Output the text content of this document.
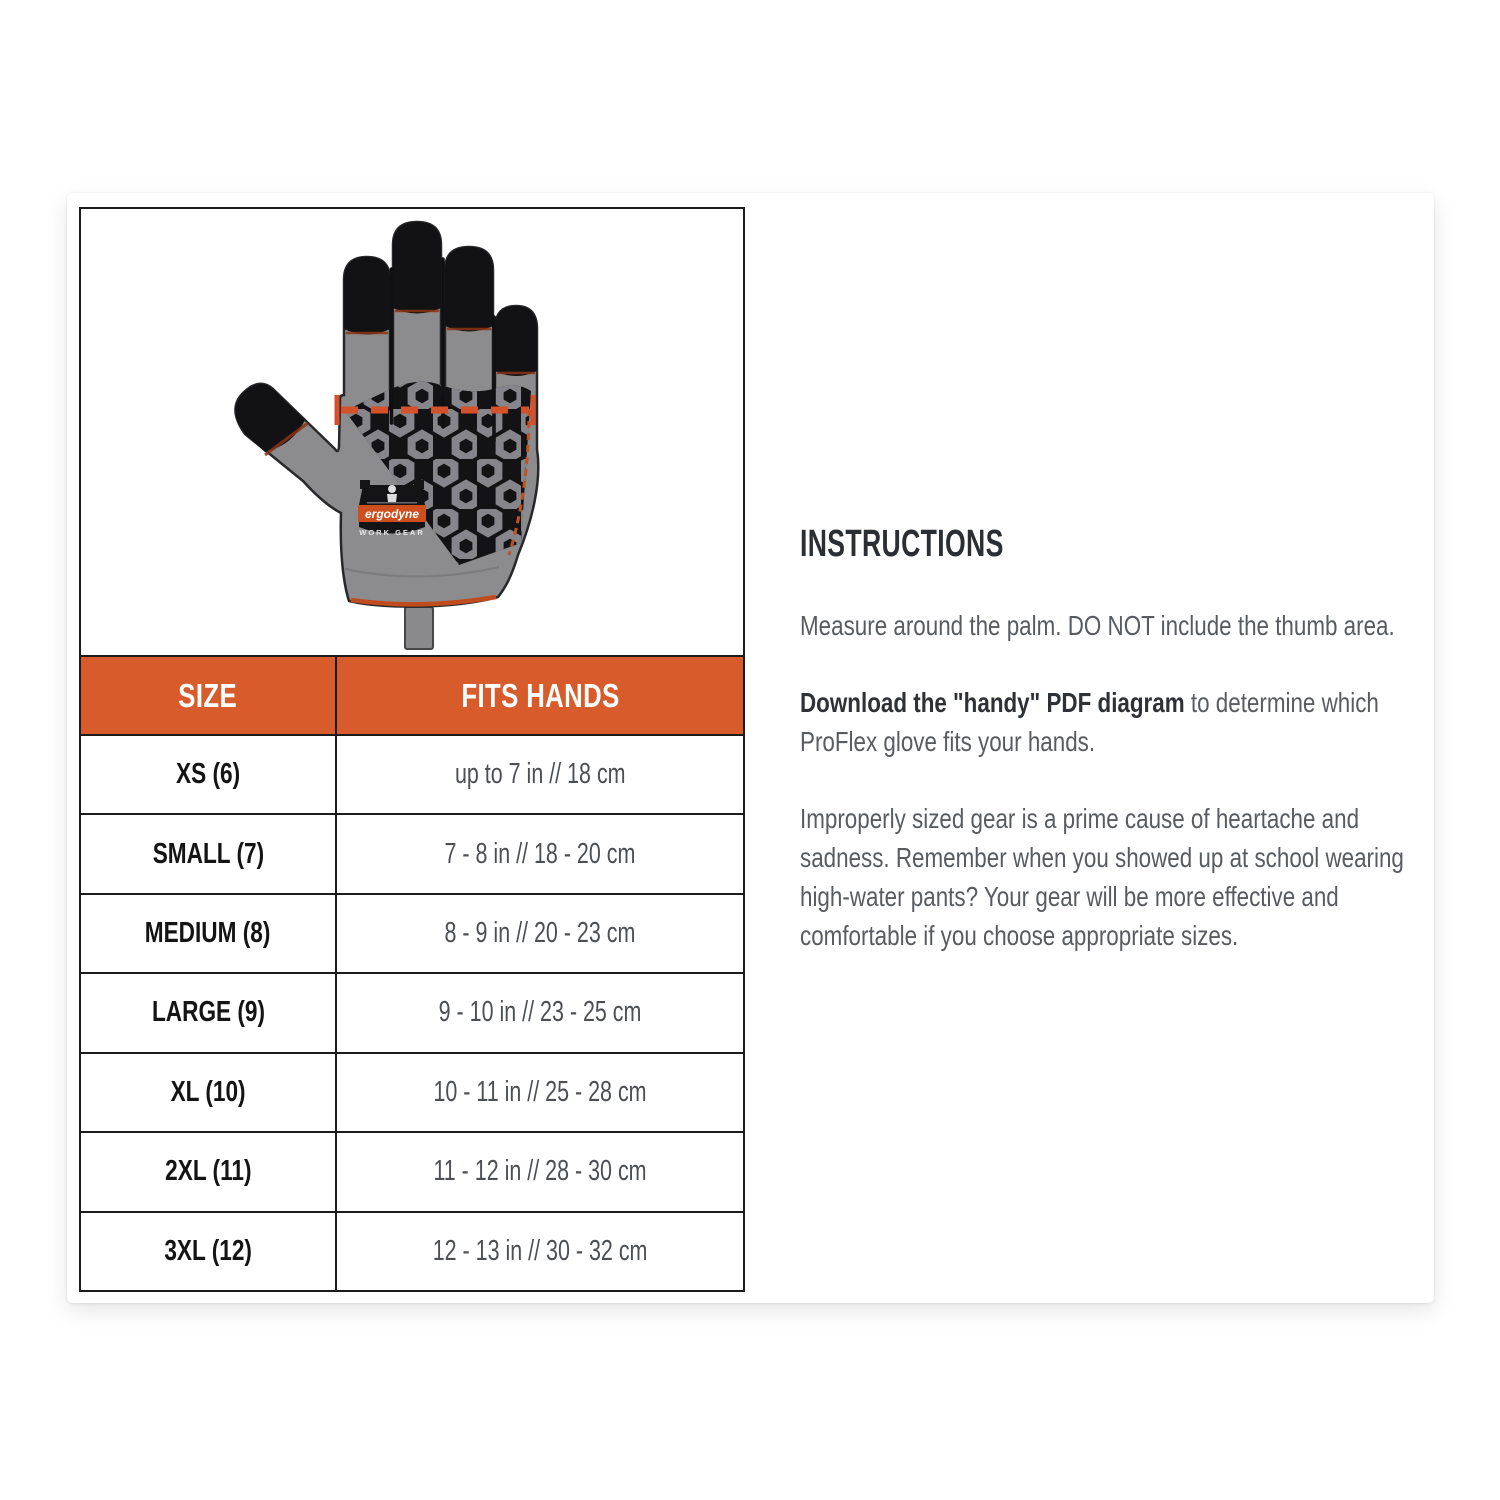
ergodyne
WORK GEAR
SIZE	FITS HANDS
XS (6)	up to 7 in // 18 cm
SMALL (7)	7 - 8 in // 18 - 20 cm
MEDIUM (8)	8 - 9 in // 20 - 23 cm
LARGE (9)	9 - 10 in // 23 - 25 cm
XL (10)	10 - 11 in // 25 - 28 cm
2XL (11)	11 - 12 in // 28 - 30 cm
3XL (12)	12 - 13 in // 30 - 32 cm
INSTRUCTIONS

Measure around the palm. DO NOT include the thumb area.

Download the "handy" PDF diagram to determine which ProFlex glove fits your hands.

Improperly sized gear is a prime cause of heartache and sadness. Remember when you showed up at school wearing high-water pants? Your gear will be more effective and comfortable if you choose appropriate sizes.
